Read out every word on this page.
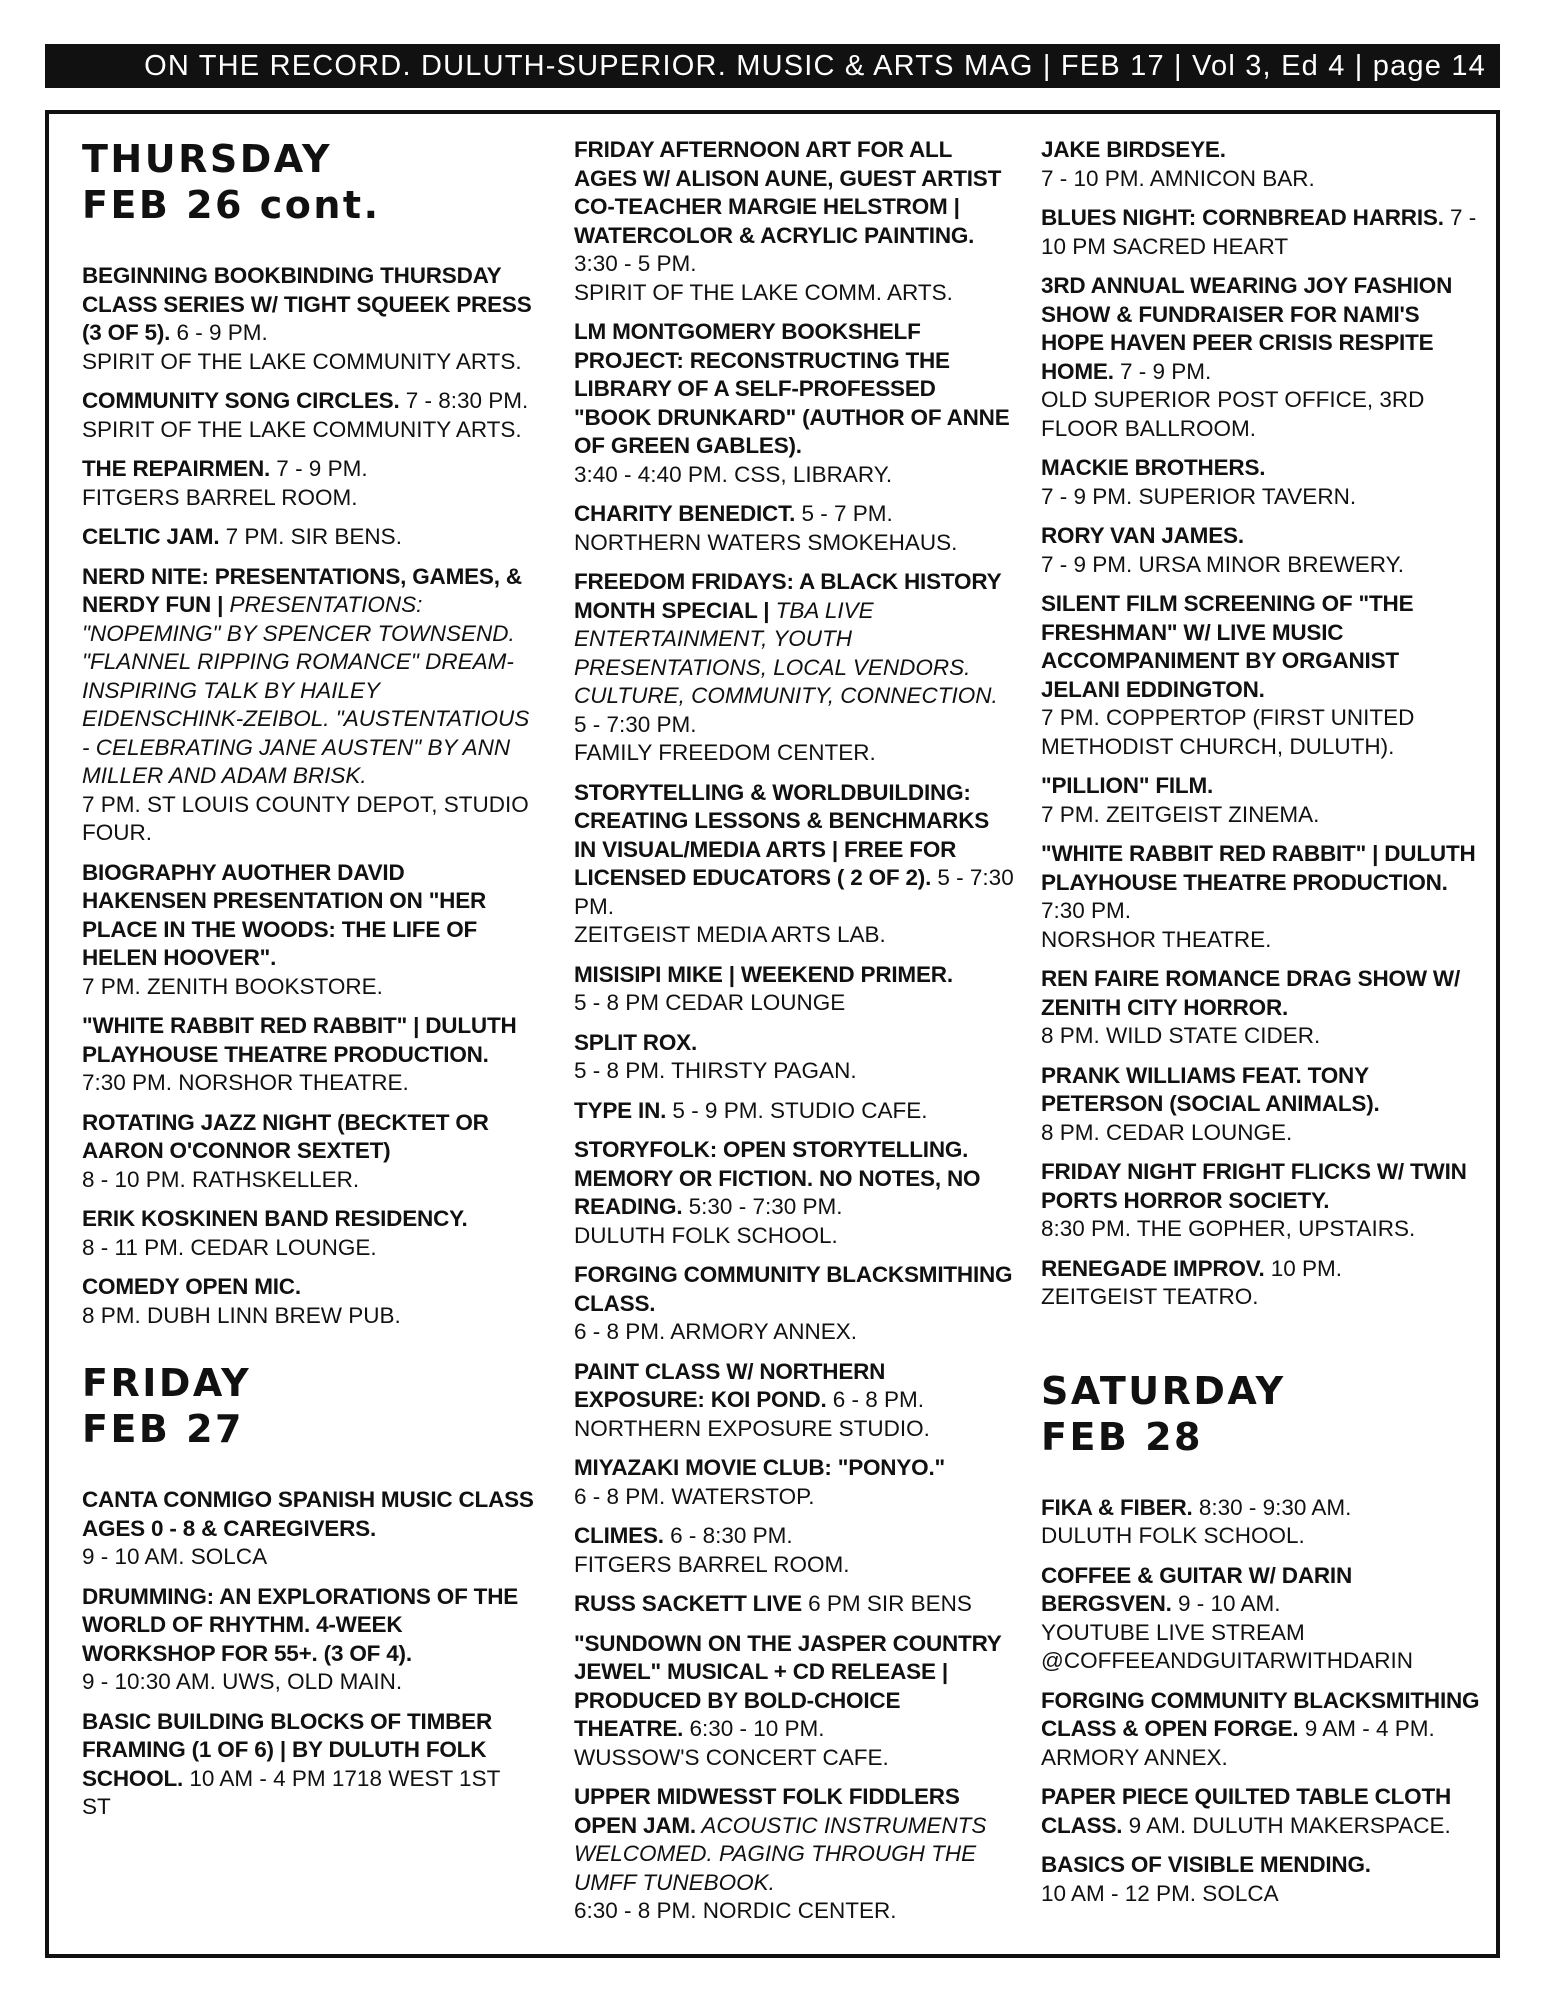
ON THE RECORD. DULUTH-SUPERIOR. MUSIC & ARTS MAG | FEB 17 | Vol 3, Ed 4 | page 14
THURSDAY
FEB 26 cont.
BEGINNING BOOKBINDING THURSDAY CLASS SERIES W/ TIGHT SQUEEK PRESS
(3 OF 5). 6 - 9 PM.
SPIRIT OF THE LAKE COMMUNITY ARTS.
COMMUNITY SONG CIRCLES. 7 - 8:30 PM.
SPIRIT OF THE LAKE COMMUNITY ARTS.
THE REPAIRMEN. 7 - 9 PM.
FITGERS BARREL ROOM.
CELTIC JAM. 7 PM. SIR BENS.
NERD NITE: PRESENTATIONS, GAMES, & NERDY FUN | PRESENTATIONS: "NOPEMING" BY SPENCER TOWNSEND. "FLANNEL RIPPING ROMANCE" DREAM-INSPIRING TALK BY HAILEY EIDENSCHINK-ZEIBOL. "AUSTENTATIOUS - CELEBRATING JANE AUSTEN" BY ANN MILLER AND ADAM BRISK.
7 PM. ST LOUIS COUNTY DEPOT, STUDIO FOUR.
BIOGRAPHY AUOTHER DAVID HAKENSEN PRESENTATION ON "HER PLACE IN THE WOODS: THE LIFE OF HELEN HOOVER".
7 PM. ZENITH BOOKSTORE.
"WHITE RABBIT RED RABBIT" | DULUTH PLAYHOUSE THEATRE PRODUCTION.
7:30 PM. NORSHOR THEATRE.
ROTATING JAZZ NIGHT (BECKTET OR AARON O'CONNOR SEXTET)
8 - 10 PM. RATHSKELLER.
ERIK KOSKINEN BAND RESIDENCY.
8 - 11 PM. CEDAR LOUNGE.
COMEDY OPEN MIC.
8 PM. DUBH LINN BREW PUB.
FRIDAY
FEB 27
CANTA CONMIGO SPANISH MUSIC CLASS AGES 0 - 8 & CAREGIVERS.
9 - 10 AM. SOLCA
DRUMMING: AN EXPLORATIONS OF THE WORLD OF RHYTHM. 4-WEEK WORKSHOP FOR 55+. (3 OF 4).
9 - 10:30 AM. UWS, OLD MAIN.
BASIC BUILDING BLOCKS OF TIMBER FRAMING (1 OF 6) | BY DULUTH FOLK SCHOOL. 10 AM - 4 PM 1718 WEST 1ST ST
FRIDAY AFTERNOON ART FOR ALL AGES W/ ALISON AUNE, GUEST ARTIST CO-TEACHER MARGIE HELSTROM | WATERCOLOR & ACRYLIC PAINTING. 3:30 - 5 PM.
SPIRIT OF THE LAKE COMM. ARTS.
LM MONTGOMERY BOOKSHELF PROJECT: RECONSTRUCTING THE LIBRARY OF A SELF-PROFESSED "BOOK DRUNKARD" (AUTHOR OF ANNE OF GREEN GABLES).
3:40 - 4:40 PM. CSS, LIBRARY.
CHARITY BENEDICT. 5 - 7 PM.
NORTHERN WATERS SMOKEHAUS.
FREEDOM FRIDAYS: A BLACK HISTORY MONTH SPECIAL | TBA LIVE ENTERTAINMENT, YOUTH PRESENTATIONS, LOCAL VENDORS. CULTURE, COMMUNITY, CONNECTION. 5 - 7:30 PM.
FAMILY FREEDOM CENTER.
STORYTELLING & WORLDBUILDING: CREATING LESSONS & BENCHMARKS IN VISUAL/MEDIA ARTS | FREE FOR LICENSED EDUCATORS ( 2 OF 2). 5 - 7:30 PM.
ZEITGEIST MEDIA ARTS LAB.
MISISIPI MIKE | WEEKEND PRIMER.
5 - 8 PM CEDAR LOUNGE
SPLIT ROX.
5 - 8 PM. THIRSTY PAGAN.
TYPE IN. 5 - 9 PM. STUDIO CAFE.
STORYFOLK: OPEN STORYTELLING. MEMORY OR FICTION. NO NOTES, NO READING. 5:30 - 7:30 PM.
DULUTH FOLK SCHOOL.
FORGING COMMUNITY BLACKSMITHING CLASS.
6 - 8 PM. ARMORY ANNEX.
PAINT CLASS W/ NORTHERN EXPOSURE: KOI POND. 6 - 8 PM.
NORTHERN EXPOSURE STUDIO.
MIYAZAKI MOVIE CLUB: "PONYO."
6 - 8 PM. WATERSTOP.
CLIMES. 6 - 8:30 PM.
FITGERS BARREL ROOM.
RUSS SACKETT LIVE 6 PM SIR BENS
"SUNDOWN ON THE JASPER COUNTRY JEWEL" MUSICAL + CD RELEASE | PRODUCED BY BOLD-CHOICE THEATRE. 6:30 - 10 PM.
WUSSOW'S CONCERT CAFE.
UPPER MIDWESST FOLK FIDDLERS OPEN JAM. ACOUSTIC INSTRUMENTS WELCOMED. PAGING THROUGH THE UMFF TUNEBOOK.
6:30 - 8 PM. NORDIC CENTER.
JAKE BIRDSEYE.
7 - 10 PM. AMNICON BAR.
BLUES NIGHT: CORNBREAD HARRIS. 7 - 10 PM SACRED HEART
3RD ANNUAL WEARING JOY FASHION SHOW & FUNDRAISER FOR NAMI'S HOPE HAVEN PEER CRISIS RESPITE HOME. 7 - 9 PM.
OLD SUPERIOR POST OFFICE, 3RD FLOOR BALLROOM.
MACKIE BROTHERS.
7 - 9 PM. SUPERIOR TAVERN.
RORY VAN JAMES.
7 - 9 PM. URSA MINOR BREWERY.
SILENT FILM SCREENING OF "THE FRESHMAN" W/ LIVE MUSIC ACCOMPANIMENT BY ORGANIST JELANI EDDINGTON.
7 PM. COPPERTOP (FIRST UNITED METHODIST CHURCH, DULUTH).
"PILLION" FILM.
7 PM. ZEITGEIST ZINEMA.
"WHITE RABBIT RED RABBIT" | DULUTH PLAYHOUSE THEATRE PRODUCTION. 7:30 PM.
NORSHOR THEATRE.
REN FAIRE ROMANCE DRAG SHOW W/ ZENITH CITY HORROR.
8 PM. WILD STATE CIDER.
PRANK WILLIAMS FEAT. TONY PETERSON (SOCIAL ANIMALS).
8 PM. CEDAR LOUNGE.
FRIDAY NIGHT FRIGHT FLICKS W/ TWIN PORTS HORROR SOCIETY.
8:30 PM. THE GOPHER, UPSTAIRS.
RENEGADE IMPROV. 10 PM.
ZEITGEIST TEATRO.
SATURDAY
FEB 28
FIKA & FIBER. 8:30 - 9:30 AM.
DULUTH FOLK SCHOOL.
COFFEE & GUITAR W/ DARIN BERGSVEN. 9 - 10 AM.
YOUTUBE LIVE STREAM @COFFEEANDGUITARWITHDARIN
FORGING COMMUNITY BLACKSMITHING CLASS & OPEN FORGE. 9 AM - 4 PM.
ARMORY ANNEX.
PAPER PIECE QUILTED TABLE CLOTH CLASS. 9 AM. DULUTH MAKERSPACE.
BASICS OF VISIBLE MENDING.
10 AM - 12 PM. SOLCA
